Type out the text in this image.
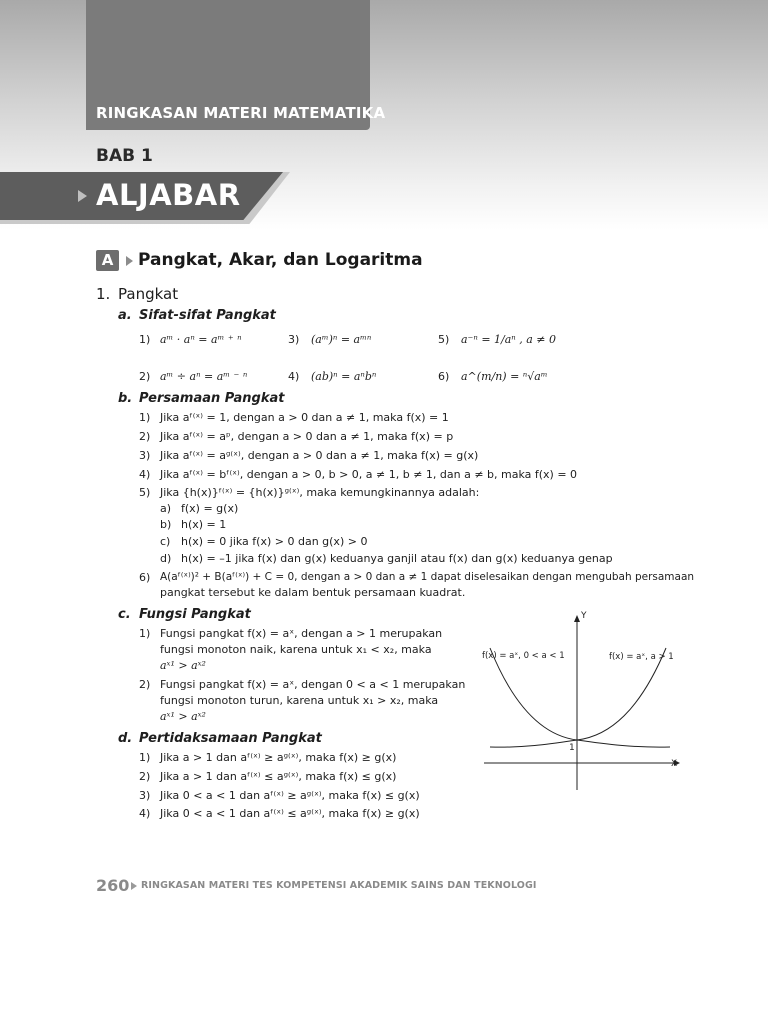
RINGKASAN MATERI MATEMATIKA
BAB 1
ALJABAR
A	Pangkat, Akar, dan Logaritma
1. Pangkat
a. Sifat-sifat Pangkat
1) aᵐ · aⁿ = aᵐ ⁺ ⁿ	3) (aᵐ)ⁿ = aᵐⁿ	5) a⁻ⁿ = 1/aⁿ , a ≠ 0
2) aᵐ ÷ aⁿ = aᵐ ⁻ ⁿ	4) (ab)ⁿ = aⁿbⁿ	6) a^(m/n) = ⁿ√aᵐ
b. Persamaan Pangkat
1) Jika aᶠ⁽ˣ⁾ = 1, dengan a > 0 dan a ≠ 1, maka f(x) = 1
2) Jika aᶠ⁽ˣ⁾ = aᵖ, dengan a > 0 dan a ≠ 1, maka f(x) = p
3) Jika aᶠ⁽ˣ⁾ = aᵍ⁽ˣ⁾, dengan a > 0 dan a ≠ 1, maka f(x) = g(x)
4) Jika aᶠ⁽ˣ⁾ = bᶠ⁽ˣ⁾, dengan a > 0, b > 0, a ≠ 1, b ≠ 1, dan a ≠ b, maka f(x) = 0
5) Jika {h(x)}ᶠ⁽ˣ⁾ = {h(x)}ᵍ⁽ˣ⁾, maka kemungkinannya adalah:
a) f(x) = g(x)
b) h(x) = 1
c) h(x) = 0 jika f(x) > 0 dan g(x) > 0
d) h(x) = –1 jika f(x) dan g(x) keduanya ganjil atau f(x) dan g(x) keduanya genap
6) A(aᶠ⁽ˣ⁾)² + B(aᶠ⁽ˣ⁾) + C = 0, dengan a > 0 dan a ≠ 1 dapat diselesaikan dengan mengubah persamaan
pangkat tersebut ke dalam bentuk persamaan kuadrat.
c. Fungsi Pangkat
1) Fungsi pangkat f(x) = aˣ, dengan a > 1 merupakan
fungsi monoton naik, karena untuk x₁ < x₂, maka
aˣ¹ > aˣ²
2) Fungsi pangkat f(x) = aˣ, dengan 0 < a < 1 merupakan
fungsi monoton turun, karena untuk x₁ > x₂, maka
aˣ¹ > aˣ²
Y
X
f(x) = aˣ, 0 < a < 1	f(x) = aˣ, a > 1
1
d. Pertidaksamaan Pangkat
1) Jika a > 1 dan aᶠ⁽ˣ⁾ ≥ aᵍ⁽ˣ⁾, maka f(x) ≥ g(x)
2) Jika a > 1 dan aᶠ⁽ˣ⁾ ≤ aᵍ⁽ˣ⁾, maka f(x) ≤ g(x)
3) Jika 0 < a < 1 dan aᶠ⁽ˣ⁾ ≥ aᵍ⁽ˣ⁾, maka f(x) ≤ g(x)
4) Jika 0 < a < 1 dan aᶠ⁽ˣ⁾ ≤ aᵍ⁽ˣ⁾, maka f(x) ≥ g(x)
260 RINGKASAN MATERI TES KOMPETENSI AKADEMIK SAINS DAN TEKNOLOGI
